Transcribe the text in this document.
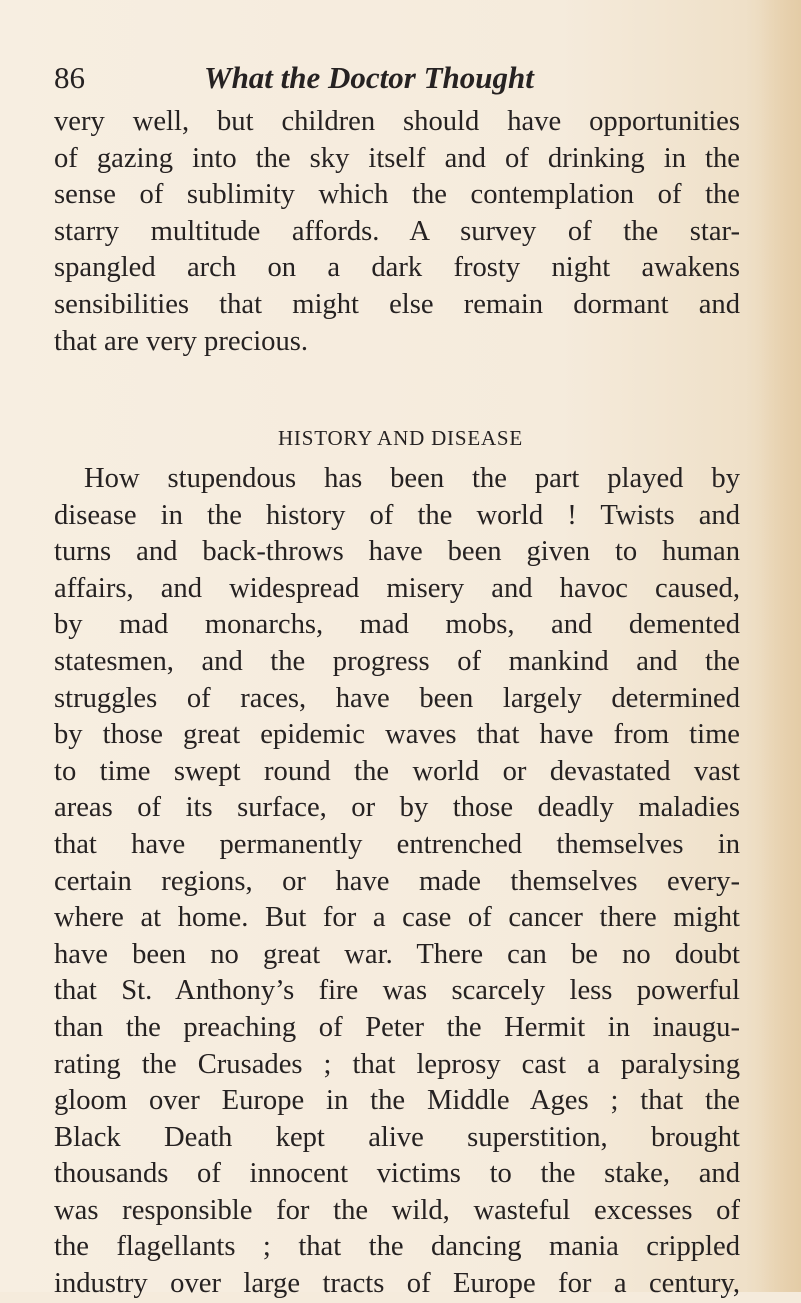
86	What the Doctor Thought
very well, but children should have opportunities
of gazing into the sky itself and of drinking in the
sense of sublimity which the contemplation of the
starry multitude affords. A survey of the star-
spangled arch on a dark frosty night awakens
sensibilities that might else remain dormant and
that are very precious.
HISTORY AND DISEASE
How stupendous has been the part played by
disease in the history of the world ! Twists and
turns and back-throws have been given to human
affairs, and widespread misery and havoc caused,
by mad monarchs, mad mobs, and demented
statesmen, and the progress of mankind and the
struggles of races, have been largely determined
by those great epidemic waves that have from time
to time swept round the world or devastated vast
areas of its surface, or by those deadly maladies
that have permanently entrenched themselves in
certain regions, or have made themselves every-
where at home. But for a case of cancer there might
have been no great war. There can be no doubt
that St. Anthony’s fire was scarcely less powerful
than the preaching of Peter the Hermit in inaugu-
rating the Crusades ; that leprosy cast a paralysing
gloom over Europe in the Middle Ages ; that the
Black Death kept alive superstition, brought
thousands of innocent victims to the stake, and
was responsible for the wild, wasteful excesses of
the flagellants ; that the dancing mania crippled
industry over large tracts of Europe for a century,
